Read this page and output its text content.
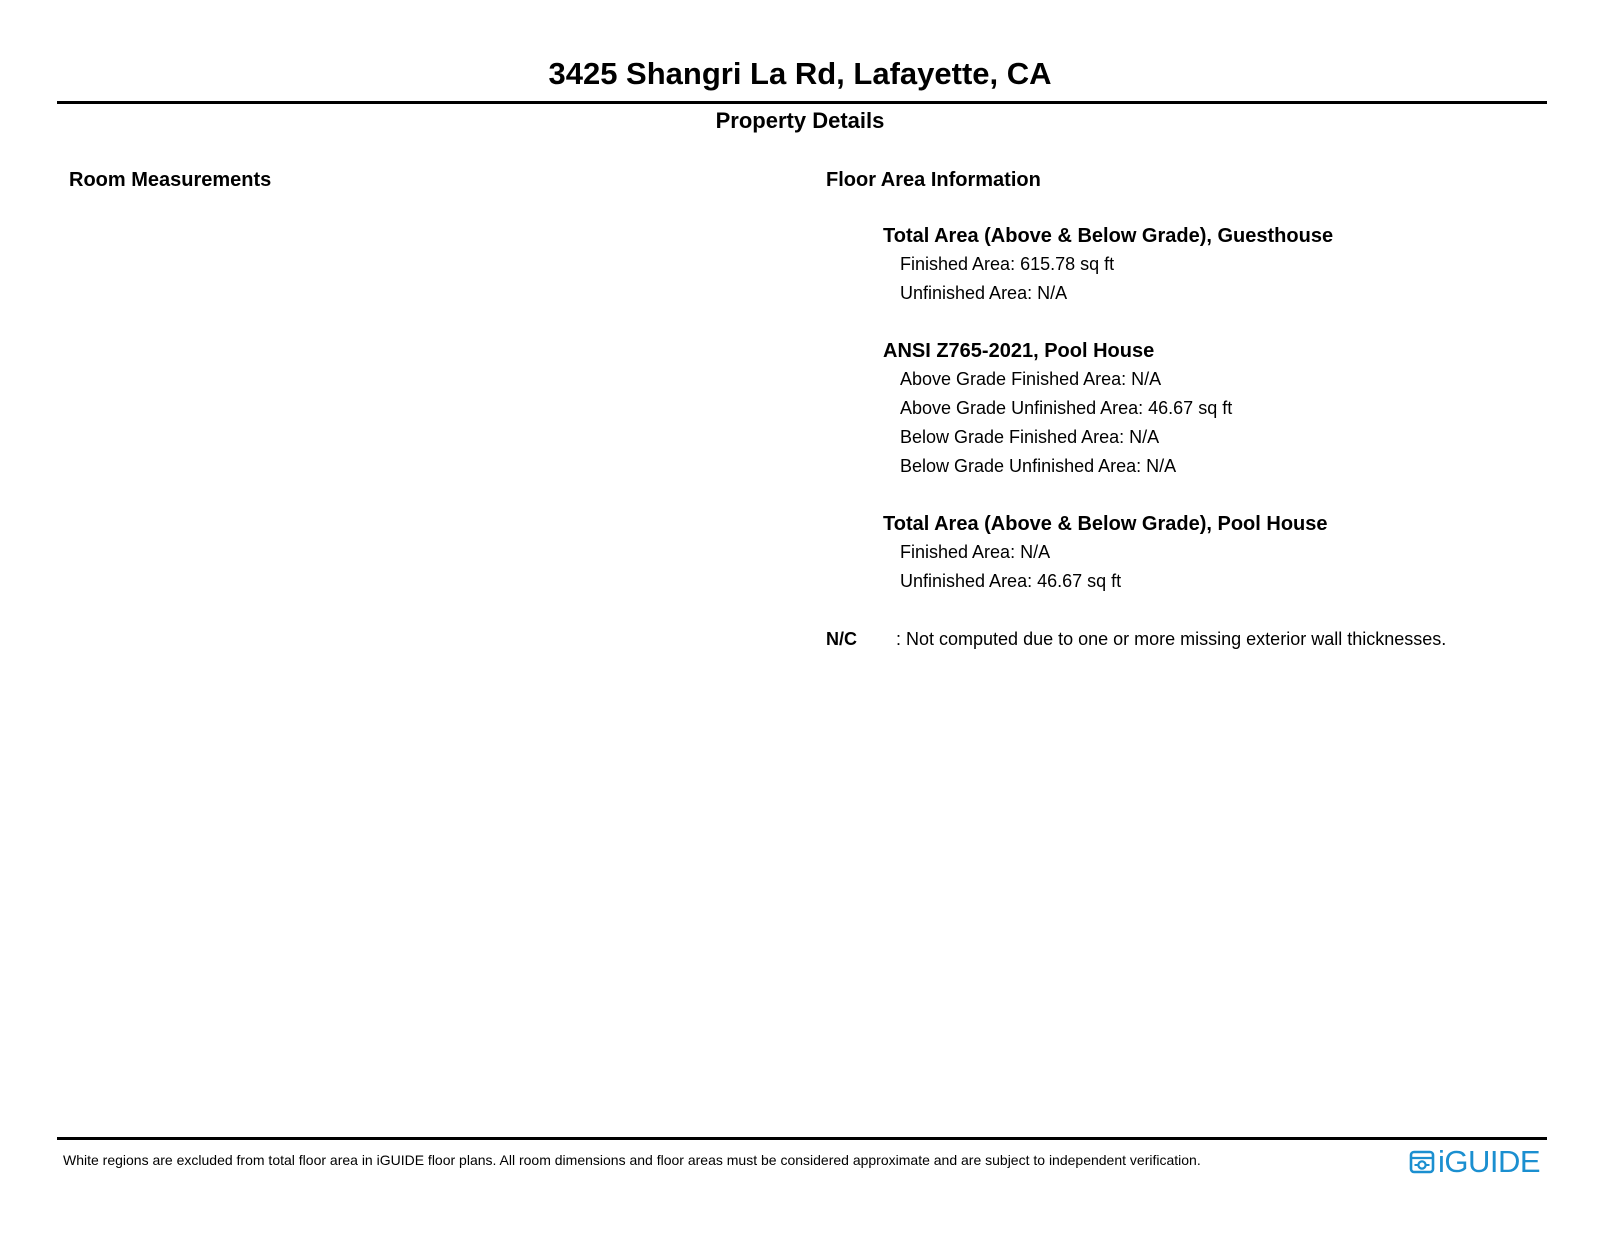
3425 Shangri La Rd, Lafayette, CA
Property Details
Room Measurements	Floor Area Information
Total Area (Above & Below Grade), Guesthouse
Finished Area: 615.78 sq ft
Unfinished Area: N/A
ANSI Z765-2021, Pool House
Above Grade Finished Area: N/A
Above Grade Unfinished Area: 46.67 sq ft
Below Grade Finished Area: N/A
Below Grade Unfinished Area: N/A
Total Area (Above & Below Grade), Pool House
Finished Area: N/A
Unfinished Area: 46.67 sq ft
N/C : Not computed due to one or more missing exterior wall thicknesses.
White regions are excluded from total floor area in iGUIDE floor plans. All room dimensions and floor areas must be considered approximate and are subject to independent verification.	iGUIDE
